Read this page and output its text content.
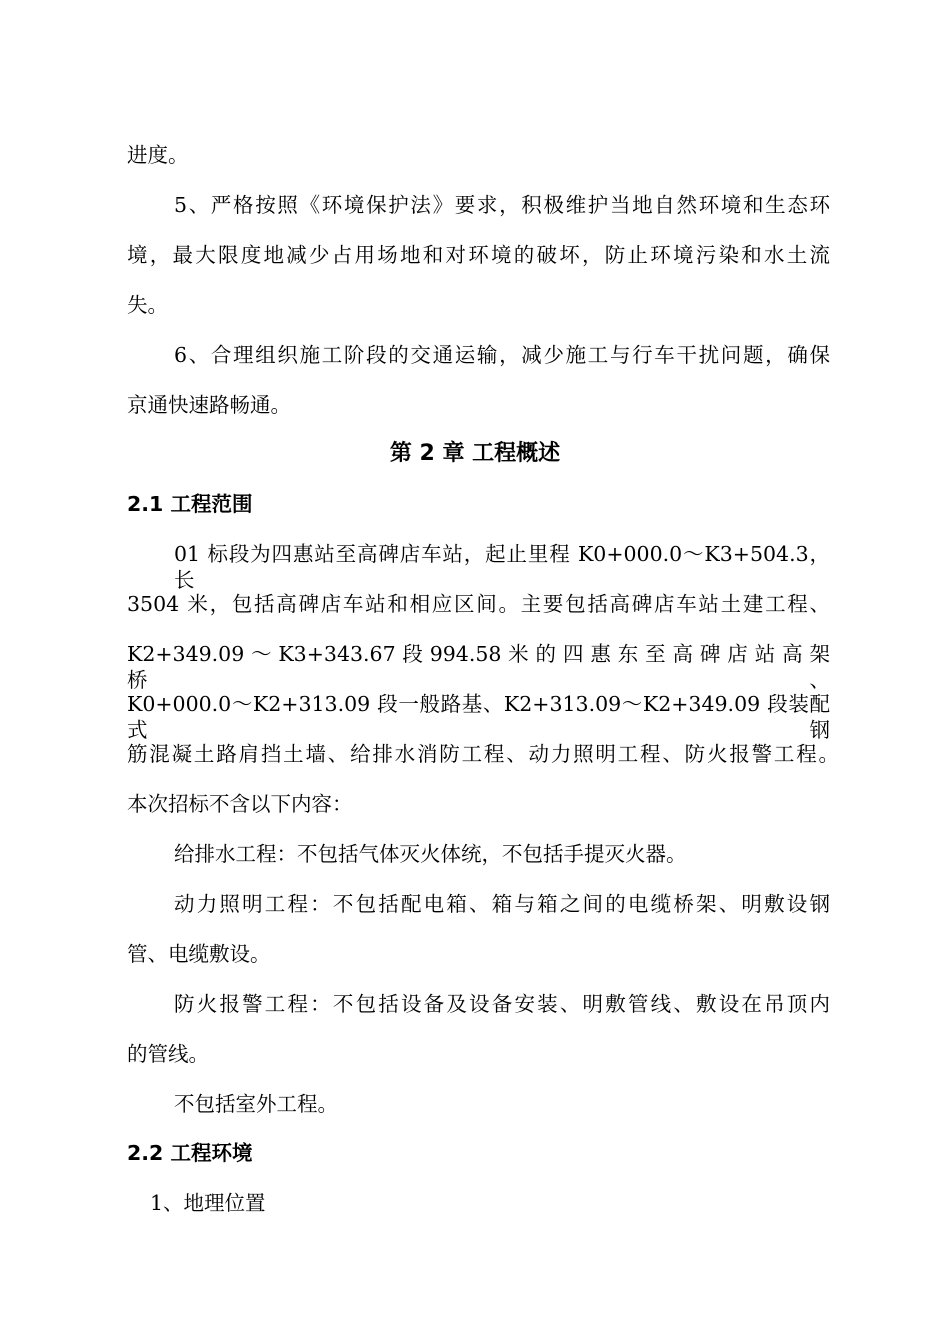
进度。
5、严格按照《环境保护法》要求，积极维护当地自然环境和生态环
境，最大限度地减少占用场地和对环境的破坏，防止环境污染和水土流
失。
6、合理组织施工阶段的交通运输，减少施工与行车干扰问题，确保
京通快速路畅通。
第 2 章 工程概述
2.1 工程范围
01 标段为四惠站至高碑店车站，起止里程 K0+000.0～K3+504.3，长
3504 米，包括高碑店车站和相应区间。主要包括高碑店车站土建工程、
K2+349.09 ～ K3+343.67 段 994.58 米 的 四 惠 东 至 高 碑 店 站 高 架 桥 、
K0+000.0～K2+313.09 段一般路基、K2+313.09～K2+349.09 段装配式钢
筋混凝土路肩挡土墙、给排水消防工程、动力照明工程、防火报警工程。
本次招标不含以下内容：
给排水工程：不包括气体灭火体统，不包括手提灭火器。
动力照明工程：不包括配电箱、箱与箱之间的电缆桥架、明敷设钢
管、电缆敷设。
防火报警工程：不包括设备及设备安装、明敷管线、敷设在吊顶内
的管线。
不包括室外工程。
2.2 工程环境
1、地理位置
